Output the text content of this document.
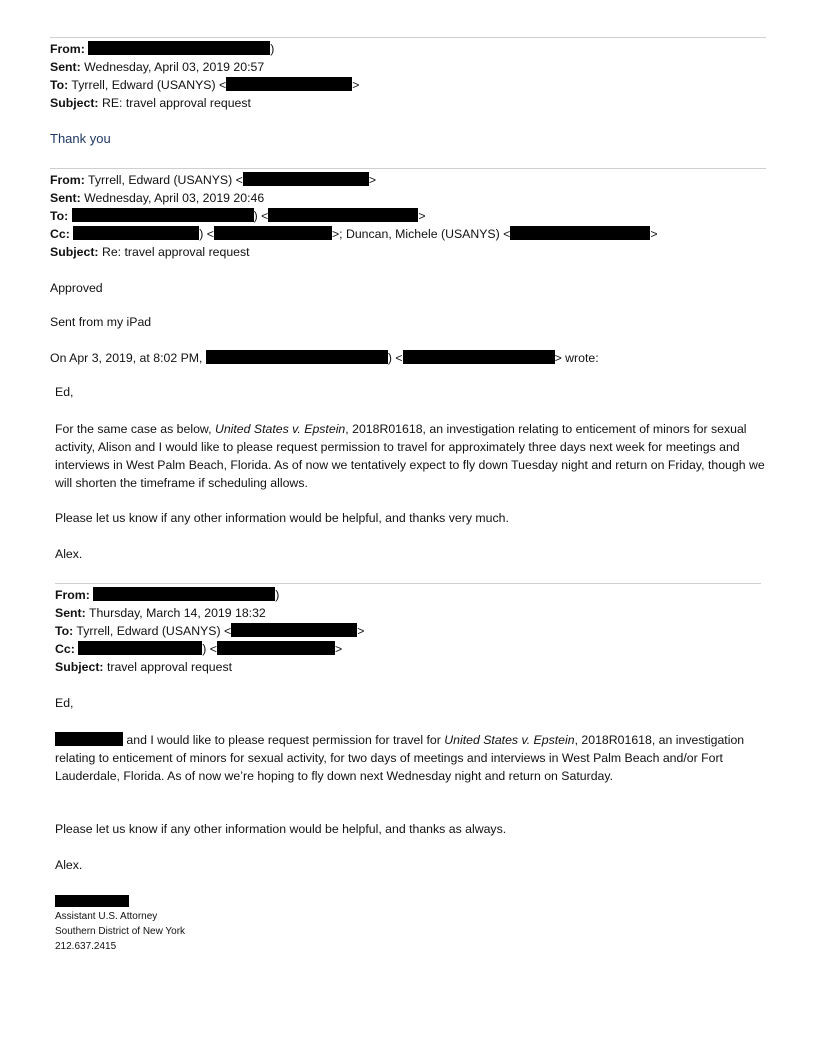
From:	)
Sent: Wednesday, April 03, 2019 20:57
To: Tyrrell, Edward (USANYS) <	>
Subject: RE: travel approval request
Thank you
From: Tyrrell, Edward (USANYS) <	>
Sent: Wednesday, April 03, 2019 20:46
To:	) <	>
Cc:	) <	>; Duncan, Michele (USANYS) <	>
Subject: Re: travel approval request
Approved
Sent from my iPad
On Apr 3, 2019, at 8:02 PM,	) <	> wrote:
Ed,
For the same case as below, United States v. Epstein, 2018R01618, an investigation relating to enticement of minors for sexual activity, Alison and I would like to please request permission to travel for approximately three days next week for meetings and interviews in West Palm Beach, Florida. As of now we tentatively expect to fly down Tuesday night and return on Friday, though we will shorten the timeframe if scheduling allows.
Please let us know if any other information would be helpful, and thanks very much.
Alex.
From:	)
Sent: Thursday, March 14, 2019 18:32
To: Tyrrell, Edward (USANYS) <	>
Cc:	) <	>
Subject: travel approval request
Ed,
and I would like to please request permission for travel for United States v. Epstein, 2018R01618, an investigation relating to enticement of minors for sexual activity, for two days of meetings and interviews in West Palm Beach and/or Fort Lauderdale, Florida. As of now we’re hoping to fly down next Wednesday night and return on Saturday.
Please let us know if any other information would be helpful, and thanks as always.
Alex.
Assistant U.S. Attorney
Southern District of New York
212.637.2415
